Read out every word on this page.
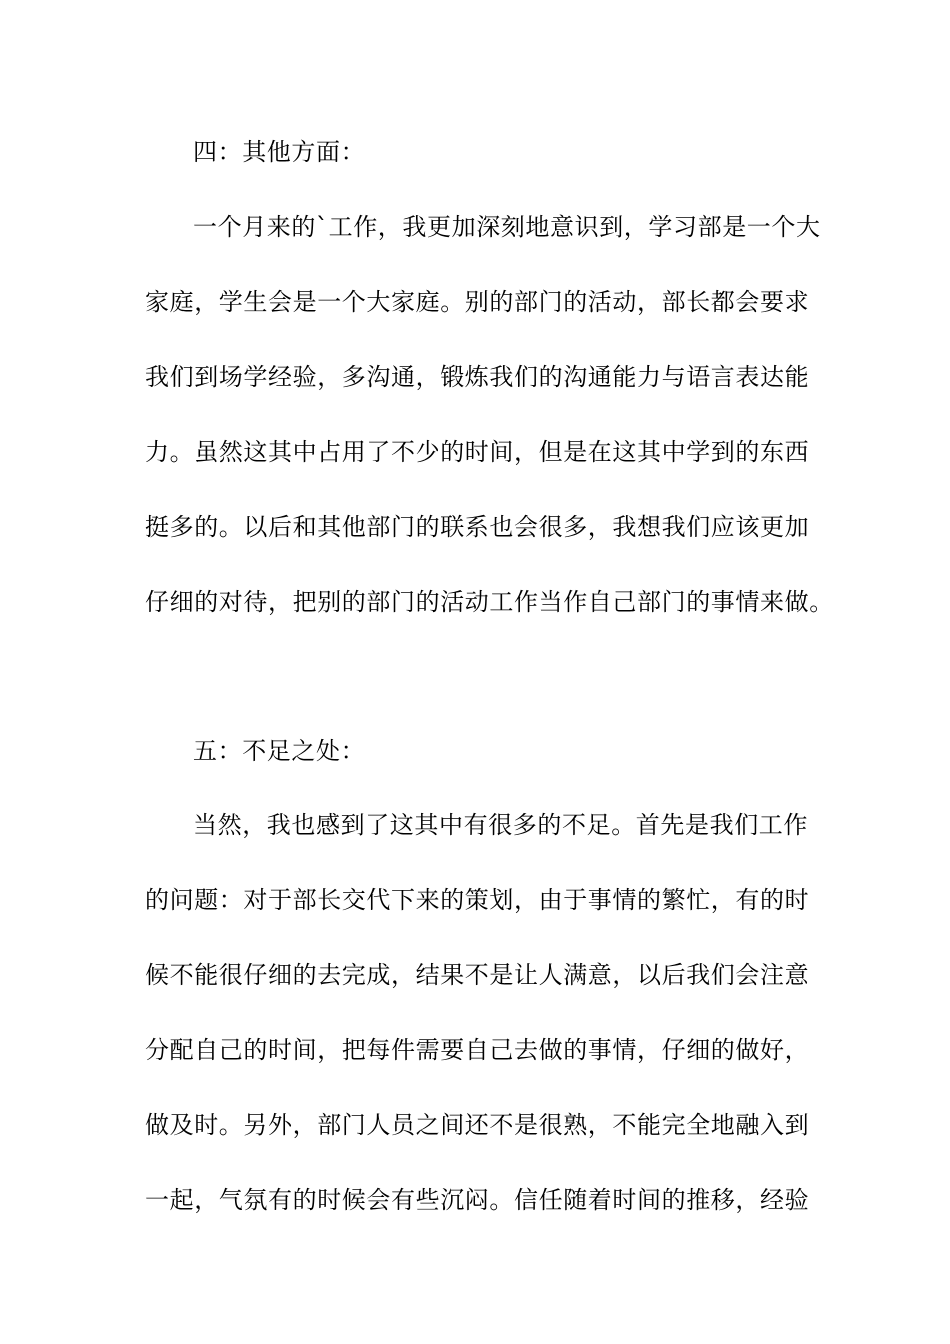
四：其他方面：
一个月来的`工作，我更加深刻地意识到，学习部是一个大
家庭，学生会是一个大家庭。别的部门的活动，部长都会要求
我们到场学经验，多沟通，锻炼我们的沟通能力与语言表达能
力。虽然这其中占用了不少的时间，但是在这其中学到的东西
挺多的。以后和其他部门的联系也会很多，我想我们应该更加
仔细的对待，把别的部门的活动工作当作自己部门的事情来做。
五：不足之处：
当然，我也感到了这其中有很多的不足。首先是我们工作
的问题：对于部长交代下来的策划，由于事情的繁忙，有的时
候不能很仔细的去完成，结果不是让人满意，以后我们会注意
分配自己的时间，把每件需要自己去做的事情，仔细的做好，
做及时。另外，部门人员之间还不是很熟，不能完全地融入到
一起，气氛有的时候会有些沉闷。信任随着时间的推移，经验
